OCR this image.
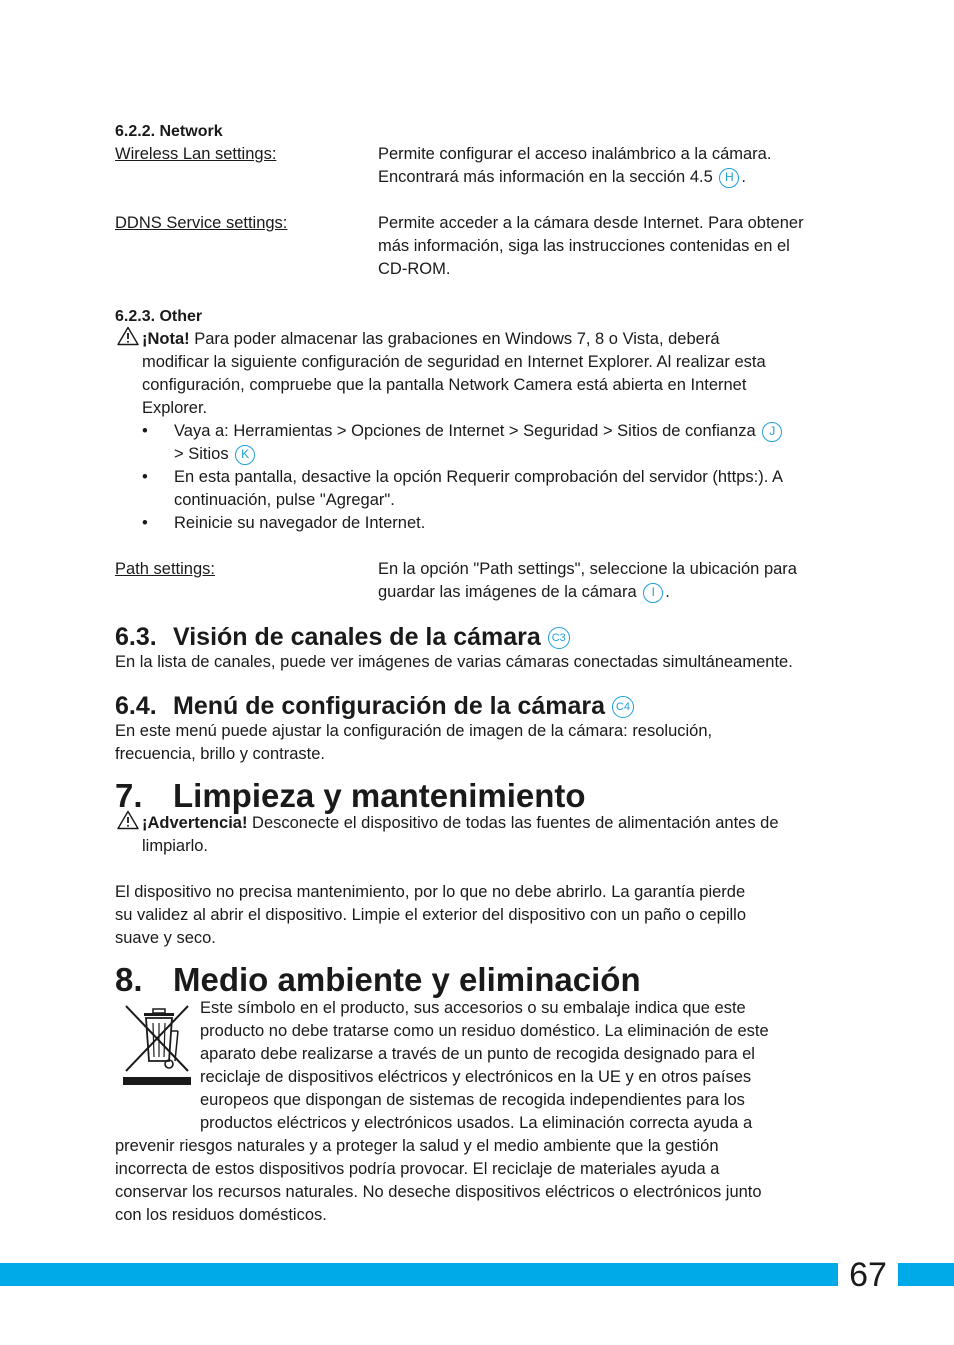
6.2.2. Network
Wireless Lan settings:	Permite configurar el acceso inalámbrico a la cámara.
Encontrará más información en la sección 4.5 H .
DDNS Service settings:	Permite acceder a la cámara desde Internet. Para obtener
más información, siga las instrucciones contenidas en el
CD-ROM.
6.2.3. Other
¡Nota! Para poder almacenar las grabaciones en Windows 7, 8 o Vista, deberá
modificar la siguiente configuración de seguridad en Internet Explorer. Al realizar esta
configuración, compruebe que la pantalla Network Camera está abierta en Internet
Explorer.
• Vaya a: Herramientas > Opciones de Internet > Seguridad > Sitios de confianza J
> Sitios K
• En esta pantalla, desactive la opción Requerir comprobación del servidor (https:). A
continuación, pulse "Agregar".
• Reinicie su navegador de Internet.
Path settings:	En la opción "Path settings", seleccione la ubicación para
guardar las imágenes de la cámara I .
6.3. Visión de canales de la cámara C3
En la lista de canales, puede ver imágenes de varias cámaras conectadas simultáneamente.
6.4. Menú de configuración de la cámara C4
En este menú puede ajustar la configuración de imagen de la cámara: resolución,
frecuencia, brillo y contraste.
7. Limpieza y mantenimiento
¡Advertencia! Desconecte el dispositivo de todas las fuentes de alimentación antes de
limpiarlo.
El dispositivo no precisa mantenimiento, por lo que no debe abrirlo. La garantía pierde
su validez al abrir el dispositivo. Limpie el exterior del dispositivo con un paño o cepillo
suave y seco.
8. Medio ambiente y eliminación
Este símbolo en el producto, sus accesorios o su embalaje indica que este
producto no debe tratarse como un residuo doméstico. La eliminación de este
aparato debe realizarse a través de un punto de recogida designado para el
reciclaje de dispositivos eléctricos y electrónicos en la UE y en otros países
europeos que dispongan de sistemas de recogida independientes para los
productos eléctricos y electrónicos usados. La eliminación correcta ayuda a
prevenir riesgos naturales y a proteger la salud y el medio ambiente que la gestión
incorrecta de estos dispositivos podría provocar. El reciclaje de materiales ayuda a
conservar los recursos naturales. No deseche dispositivos eléctricos o electrónicos junto
con los residuos domésticos.
67
